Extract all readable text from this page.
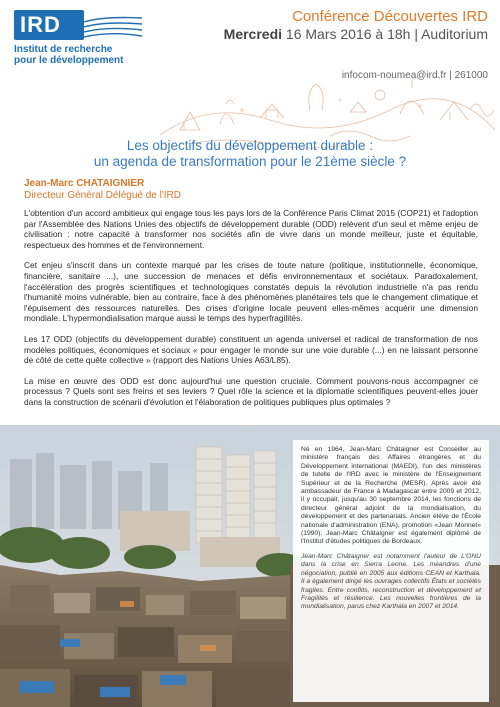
IRD
Institut de recherche
pour le développement
Conférence Découvertes IRD
Mercredi 16 Mars 2016 à 18h | Auditorium
infocom-noumea@ird.fr | 261000
Les objectifs du développement durable :
un agenda de transformation pour le 21ème siècle ?
Jean-Marc CHATAIGNIER
Directeur Général Délégué de l'IRD

L'obtention d'un accord ambitieux qui engage tous les pays lors de la Conférence Paris Climat 2015 (COP21) et l'adoption par l'Assemblée des Nations Unies des objectifs de développement durable (ODD) relèvent d'un seul et même enjeu de civilisation : notre capacité à transformer nos sociétés afin de vivre dans un monde meilleur, juste et équitable, respectueux des hommes et de l'environnement.

Cet enjeu s'inscrit dans un contexte marqué par les crises de toute nature (politique, institutionnelle, économique, financière, sanitaire ...), une succession de menaces et défis environnementaux et sociétaux. Paradoxalement, l'accélération des progrès scientifiques et technologiques constatés depuis la révolution industrielle n'a pas rendu l'humanité moins vulnérable, bien au contraire, face à des phénomènes planétaires tels que le changement climatique et l'épuisement des ressources naturelles. Des crises d'origine locale peuvent elles-mêmes acquérir une dimension mondiale. L'hypermondialisation marque aussi le temps des hyperfragilités.

Les 17 ODD (objectifs du développement durable) constituent un agenda universel et radical de transformation de nos modèles politiques, économiques et sociaux « pour engager le monde sur une voie durable (...) en ne laissant personne de côté de cette quête collective » (rapport des Nations Unies A63/L85).

La mise en œuvre des ODD est donc aujourd'hui une question cruciale. Comment pouvons-nous accompagner ce processus ? Quels sont ses freins et ses leviers ? Quel rôle la science et la diplomatie scientifiques peuvent-elles jouer dans la construction de scénarii d'évolution et l'élaboration de politiques publiques plus optimales ?

Né en 1964, Jean-Marc Châtaigner est Conseiller au ministère français des Affaires étrangères et du Développement international (MAEDI), l'un des ministères de tutelle de l'IRD avec le ministère de l'Enseignement Supérieur et de la Recherche (MESR). Après avoir été ambassadeur de France à Madagascar entre 2009 et 2012, il y occupait, jusqu'au 30 septembre 2014, les fonctions de directeur général adjoint de la mondialisation, du développement et des partenariats. Ancien élève de l'École nationale d'administration (ENA), promotion «Jean Monnet» (1990), Jean-Marc Châtaigner est également diplômé de l'Institut d'études politiques de Bordeaux.

Jean-Marc Châtaigner est notamment l'auteur de L'ONU dans la crise en Sierra Leone. Les méandres d'une négociation, publié en 2005 aux éditions CEAN et Karthala. Il a également dirigé les ouvrages collectifs États et sociétés fragiles. Entre conflits, reconstruction et développement et Fragilités et résilience. Les nouvelles frontières de la mondialisation, parus chez Karthala en 2007 et 2014.
